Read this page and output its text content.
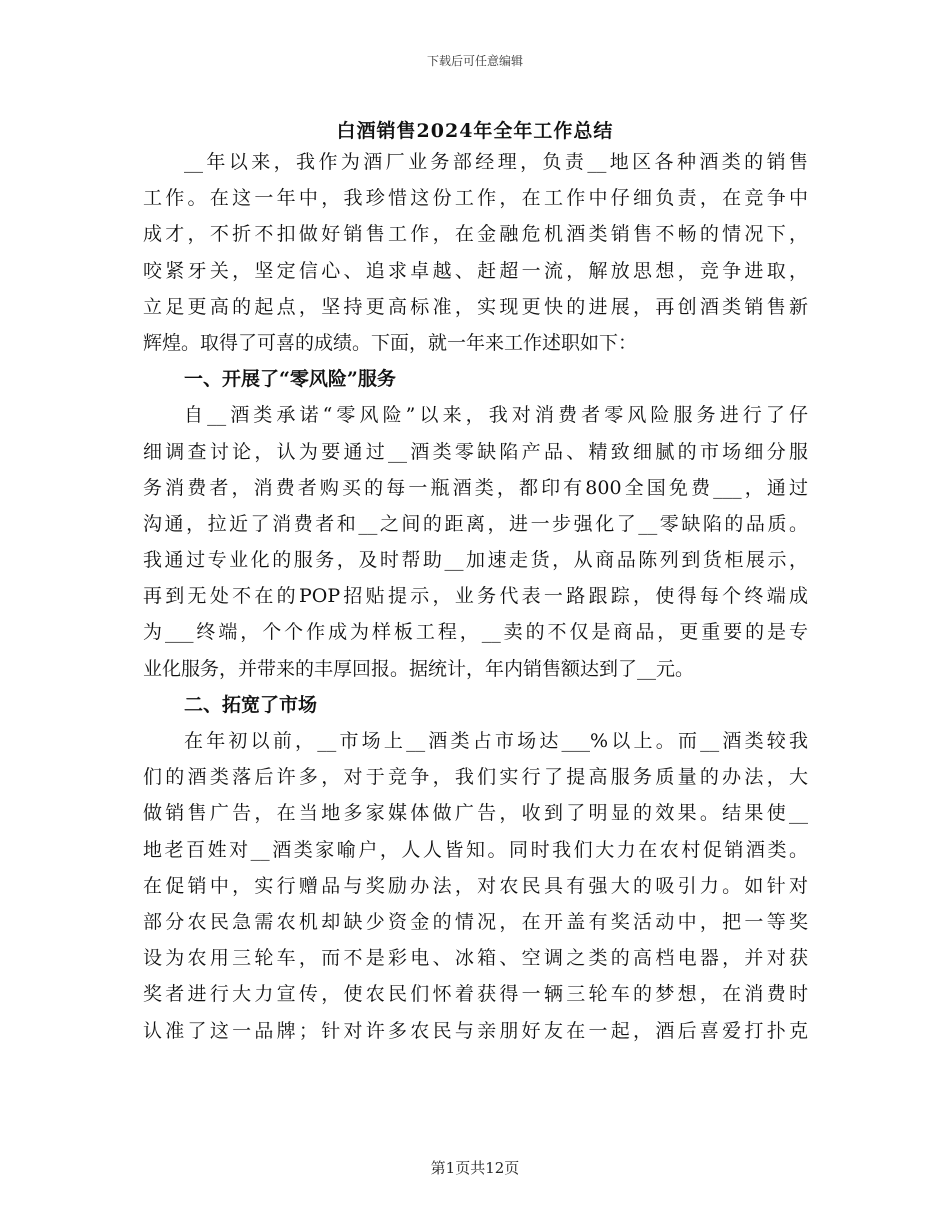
下载后可任意编辑
白酒销售2024年全年工作总结
__年以来，我作为酒厂业务部经理，负责__地区各种酒类的销售
工作。在这一年中，我珍惜这份工作，在工作中仔细负责，在竞争中
成才，不折不扣做好销售工作，在金融危机酒类销售不畅的情况下，
咬紧牙关，坚定信心、追求卓越、赶超一流，解放思想，竞争进取，
立足更高的起点，坚持更高标准，实现更快的进展，再创酒类销售新
辉煌。取得了可喜的成绩。下面，就一年来工作述职如下：
一、开展了“零风险”服务
自__酒类承诺“零风险”以来，我对消费者零风险服务进行了仔
细调查讨论，认为要通过__酒类零缺陷产品、精致细腻的市场细分服
务消费者，消费者购买的每一瓶酒类，都印有800全国免费___，通过
沟通，拉近了消费者和__之间的距离，进一步强化了__零缺陷的品质。
我通过专业化的服务，及时帮助__加速走货，从商品陈列到货柜展示，
再到无处不在的POP招贴提示，业务代表一路跟踪，使得每个终端成
为___终端，个个作成为样板工程，__卖的不仅是商品，更重要的是专
业化服务，并带来的丰厚回报。据统计，年内销售额达到了__元。
二、拓宽了市场
在年初以前，__市场上__酒类占市场达___%以上。而__酒类较我
们的酒类落后许多，对于竞争，我们实行了提高服务质量的办法，大
做销售广告，在当地多家媒体做广告，收到了明显的效果。结果使__
地老百姓对__酒类家喻户，人人皆知。同时我们大力在农村促销酒类。
在促销中，实行赠品与奖励办法，对农民具有强大的吸引力。如针对
部分农民急需农机却缺少资金的情况，在开盖有奖活动中，把一等奖
设为农用三轮车，而不是彩电、冰箱、空调之类的高档电器，并对获
奖者进行大力宣传，使农民们怀着获得一辆三轮车的梦想，在消费时
认准了这一品牌；针对许多农民与亲朋好友在一起，酒后喜爱打扑克
第1页共12页
